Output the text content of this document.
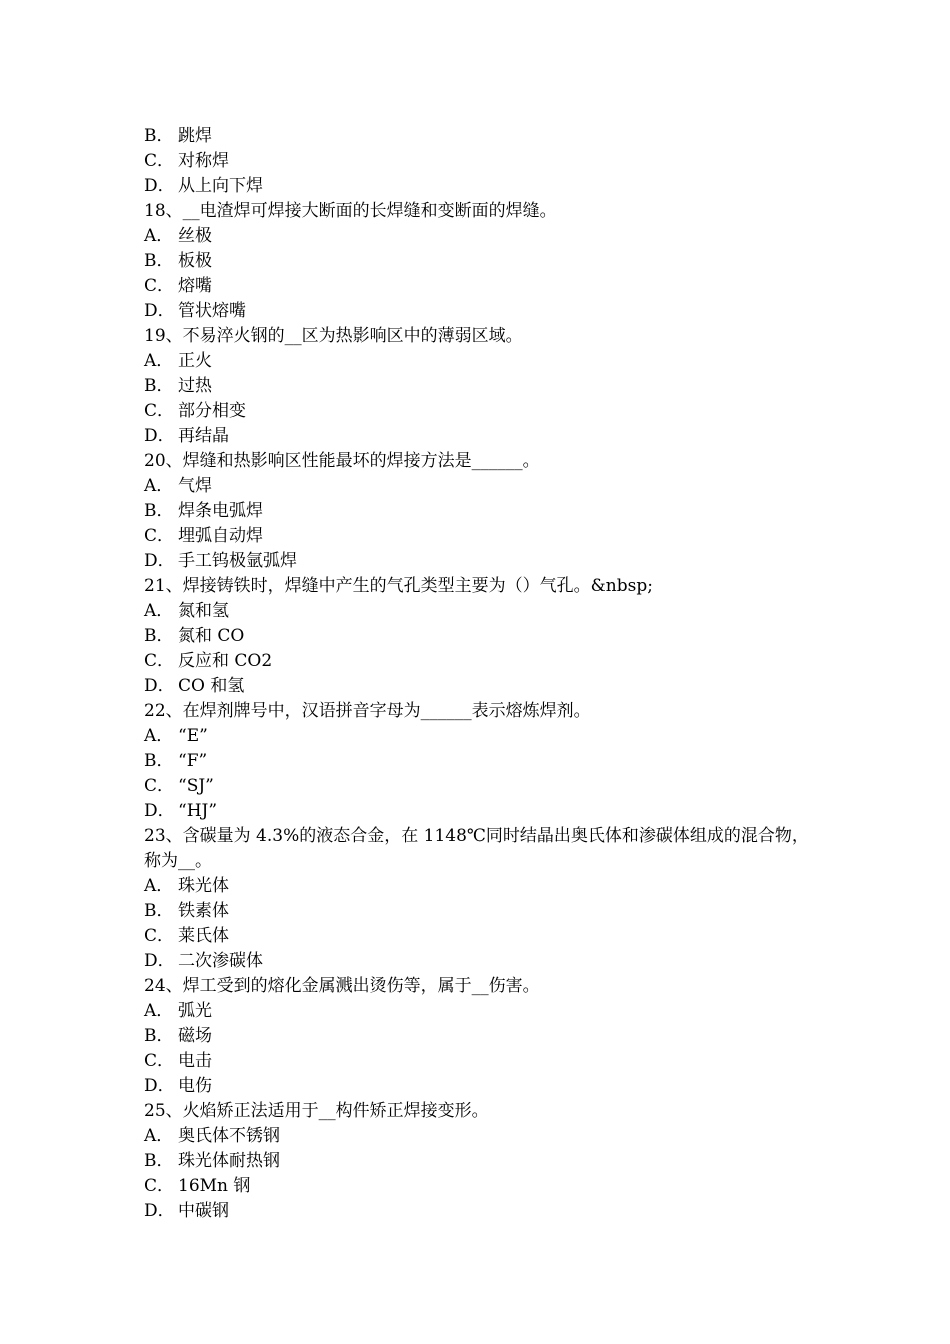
B． 跳焊
C． 对称焊
D． 从上向下焊
18、__电渣焊可焊接大断面的长焊缝和变断面的焊缝。
A． 丝极
B． 板极
C． 熔嘴
D． 管状熔嘴
19、不易淬火钢的__区为热影响区中的薄弱区域。
A． 正火
B． 过热
C． 部分相变
D． 再结晶
20、焊缝和热影响区性能最坏的焊接方法是______。
A． 气焊
B． 焊条电弧焊
C． 埋弧自动焊
D． 手工钨极氩弧焊
21、焊接铸铁时，焊缝中产生的气孔类型主要为（）气孔。&nbsp;
A． 氮和氢
B． 氮和 CO
C． 反应和 CO2
D． CO 和氢
22、在焊剂牌号中，汉语拼音字母为______表示熔炼焊剂。
A． “E”
B． “F”
C． “SJ”
D． “HJ”
23、含碳量为 4.3%的液态合金，在 1148℃同时结晶出奥氏体和渗碳体组成的混合物，称为__。
A． 珠光体
B． 铁素体
C． 莱氏体
D． 二次渗碳体
24、焊工受到的熔化金属溅出烫伤等，属于__伤害。
A． 弧光
B． 磁场
C． 电击
D． 电伤
25、火焰矫正法适用于__构件矫正焊接变形。
A． 奥氏体不锈钢
B． 珠光体耐热钢
C． 16Mn 钢
D． 中碳钢
